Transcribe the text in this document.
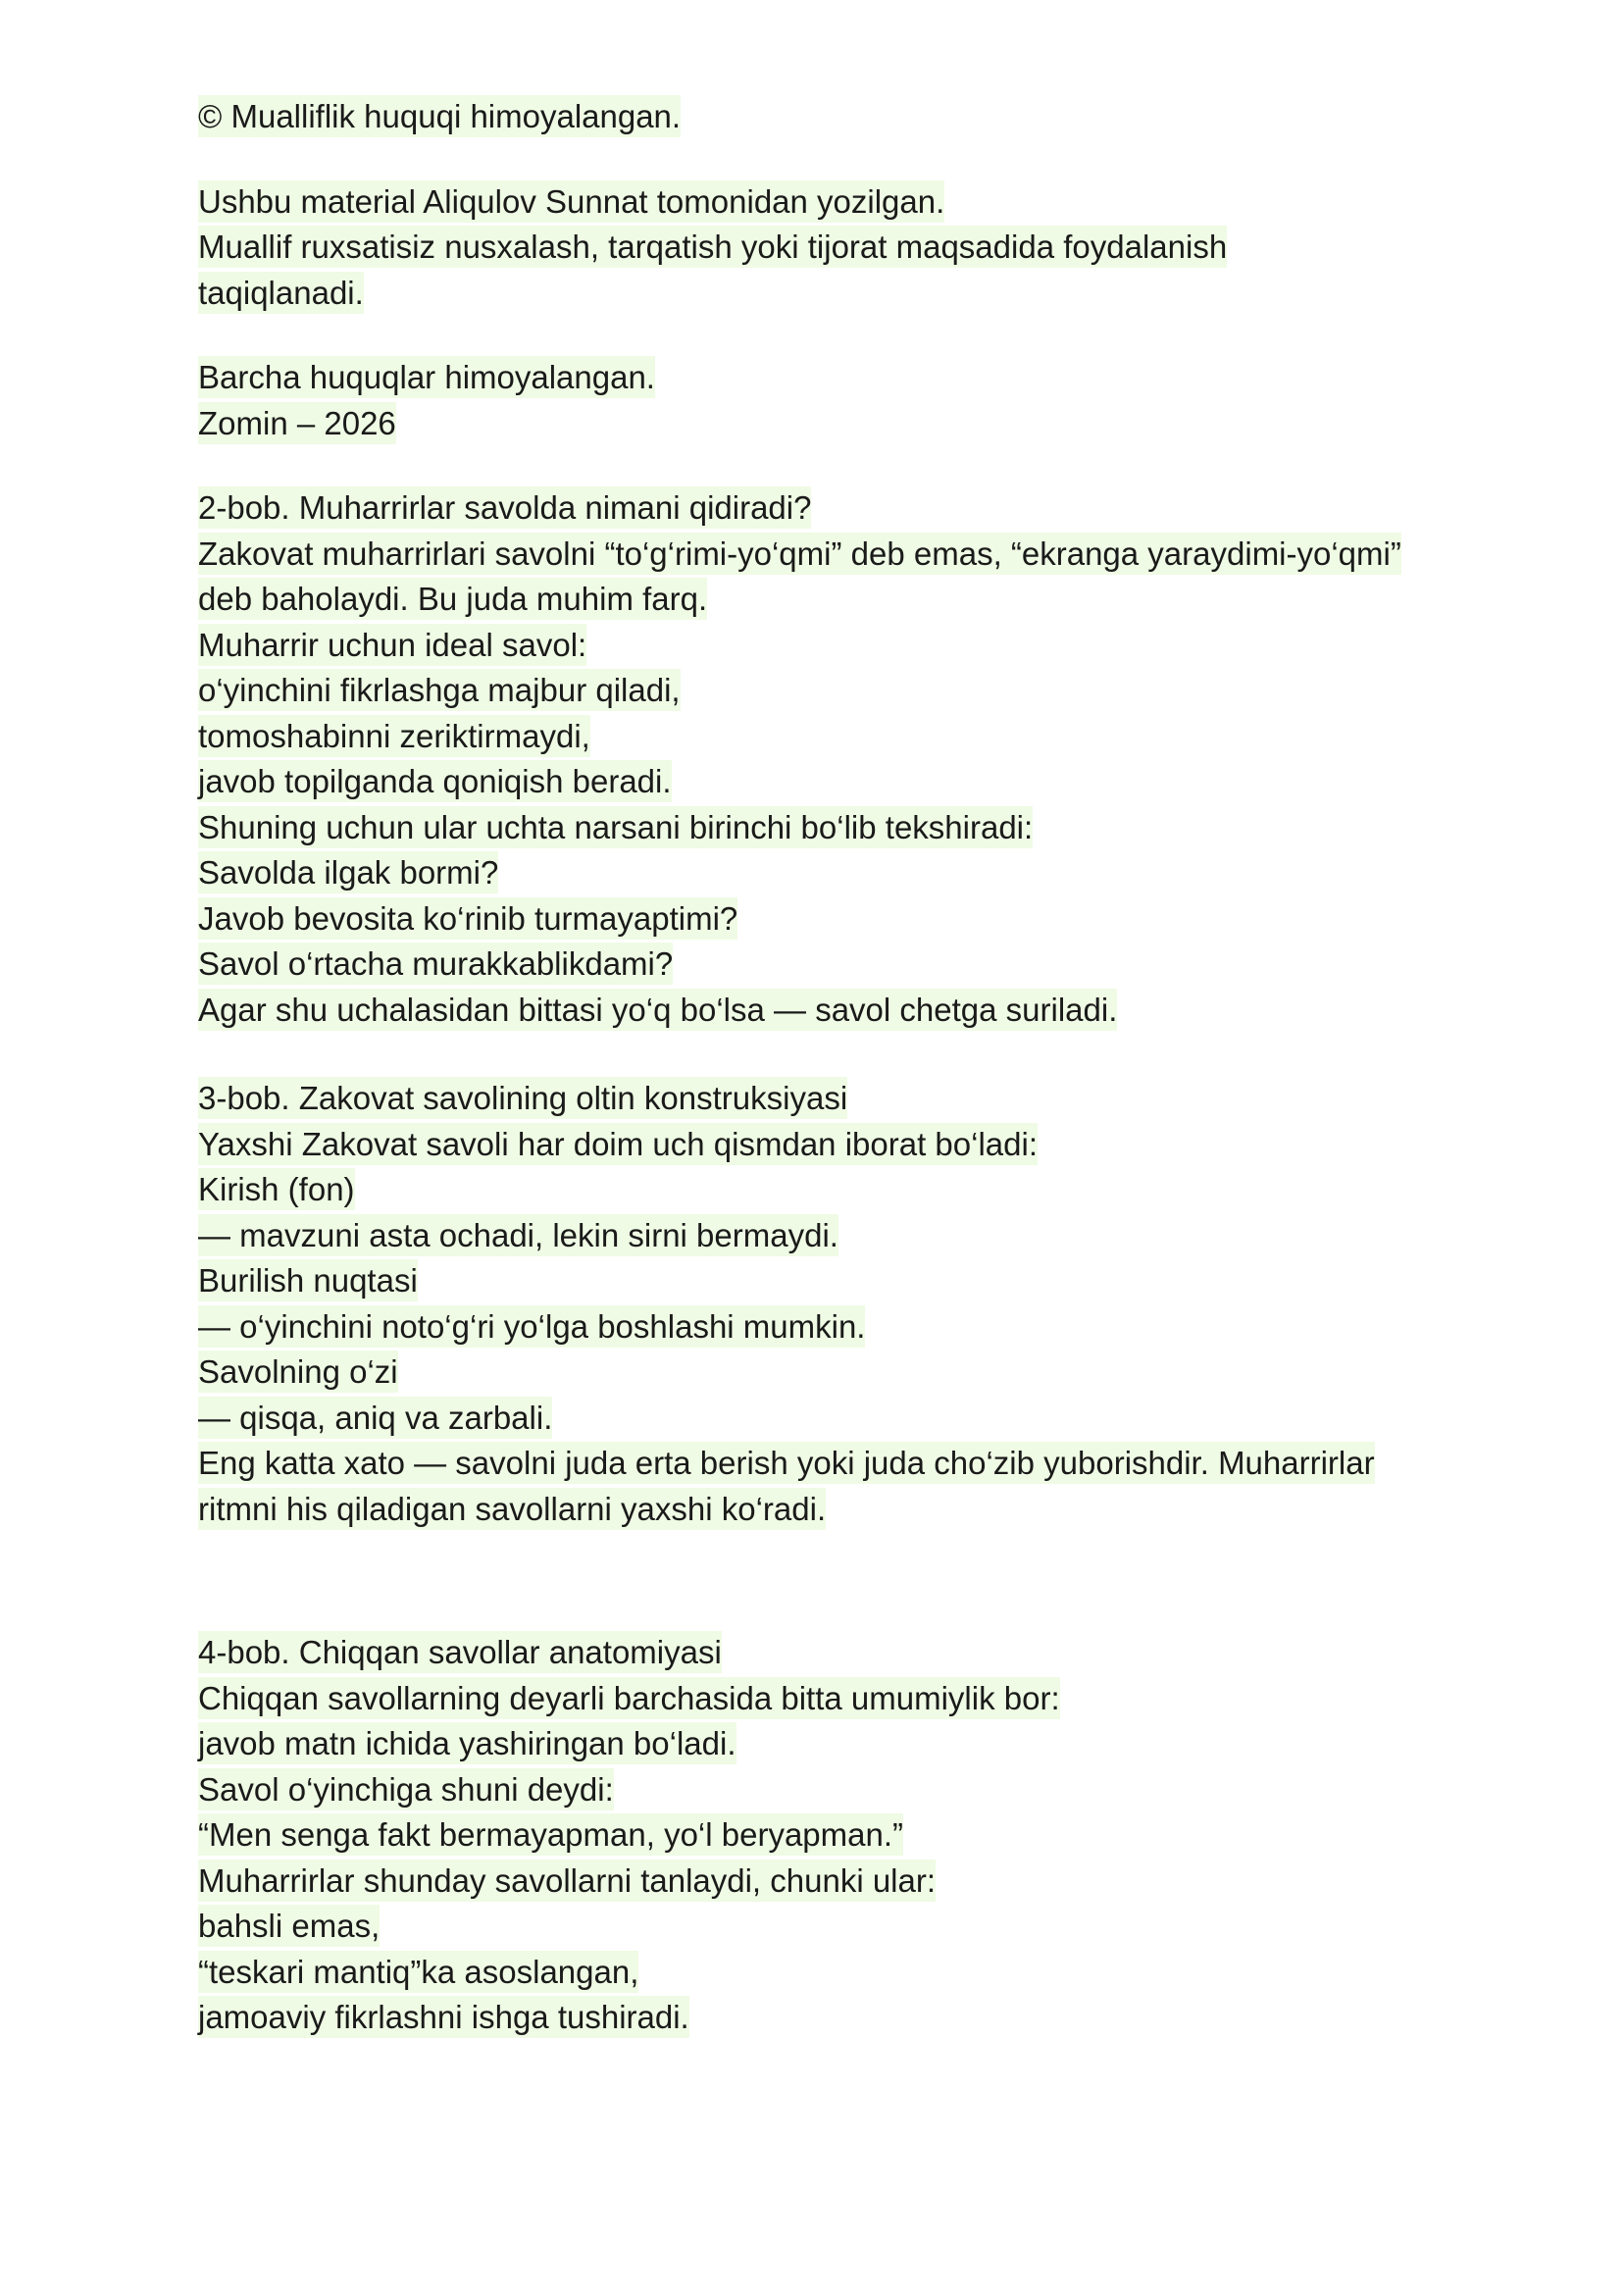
© Mualliflik huquqi himoyalangan.
Ushbu material Aliqulov Sunnat tomonidan yozilgan.
Muallif ruxsatisiz nusxalash, tarqatish yoki tijorat maqsadida foydalanish
taqiqlanadi.
Barcha huquqlar himoyalangan.
Zomin – 2026
2-bob. Muharrirlar savolda nimani qidiradi?
Zakovat muharrirlari savolni “to‘g‘rimi-yo‘qmi” deb emas, “ekranga yaraydimi-yo‘qmi”
deb baholaydi. Bu juda muhim farq.
Muharrir uchun ideal savol:
o‘yinchini fikrlashga majbur qiladi,
tomoshabinni zeriktirmaydi,
javob topilganda qoniqish beradi.
Shuning uchun ular uchta narsani birinchi bo‘lib tekshiradi:
Savolda ilgak bormi?
Javob bevosita ko‘rinib turmayaptimi?
Savol o‘rtacha murakkablikdami?
Agar shu uchalasidan bittasi yo‘q bo‘lsa — savol chetga suriladi.
3-bob. Zakovat savolining oltin konstruksiyasi
Yaxshi Zakovat savoli har doim uch qismdan iborat bo‘ladi:
Kirish (fon)
— mavzuni asta ochadi, lekin sirni bermaydi.
Burilish nuqtasi
— o‘yinchini noto‘g‘ri yo‘lga boshlashi mumkin.
Savolning o‘zi
— qisqa, aniq va zarbali.
Eng katta xato — savolni juda erta berish yoki juda cho‘zib yuborishdir. Muharrirlar
ritmni his qiladigan savollarni yaxshi ko‘radi.
4-bob. Chiqqan savollar anatomiyasi
Chiqqan savollarning deyarli barchasida bitta umumiylik bor:
javob matn ichida yashiringan bo‘ladi.
Savol o‘yinchiga shuni deydi:
“Men senga fakt bermayapman, yo‘l beryapman.”
Muharrirlar shunday savollarni tanlaydi, chunki ular:
bahsli emas,
“teskari mantiq”ka asoslangan,
jamoaviy fikrlashni ishga tushiradi.
